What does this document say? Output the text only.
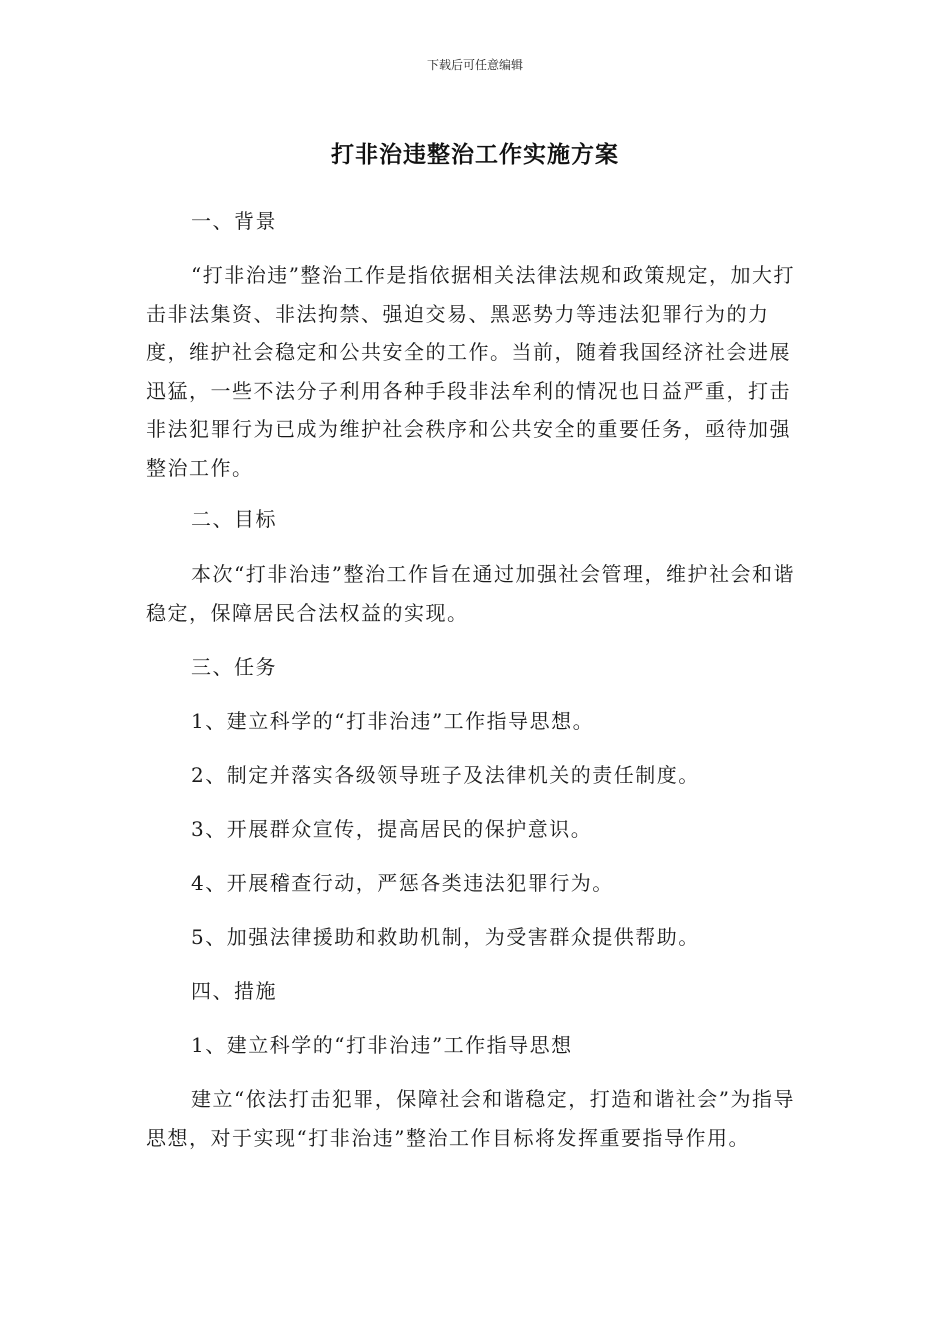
下载后可任意编辑
打非治违整治工作实施方案
一、背景
“打非治违”整治工作是指依据相关法律法规和政策规定，加大打击非法集资、非法拘禁、强迫交易、黑恶势力等违法犯罪行为的力度，维护社会稳定和公共安全的工作。当前，随着我国经济社会进展迅猛，一些不法分子利用各种手段非法牟利的情况也日益严重，打击非法犯罪行为已成为维护社会秩序和公共安全的重要任务，亟待加强整治工作。
二、目标
本次“打非治违”整治工作旨在通过加强社会管理，维护社会和谐稳定，保障居民合法权益的实现。
三、任务
1、建立科学的“打非治违”工作指导思想。
2、制定并落实各级领导班子及法律机关的责任制度。
3、开展群众宣传，提高居民的保护意识。
4、开展稽查行动，严惩各类违法犯罪行为。
5、加强法律援助和救助机制，为受害群众提供帮助。
四、措施
1、建立科学的“打非治违”工作指导思想
建立“依法打击犯罪，保障社会和谐稳定，打造和谐社会”为指导思想，对于实现“打非治违”整治工作目标将发挥重要指导作用。
